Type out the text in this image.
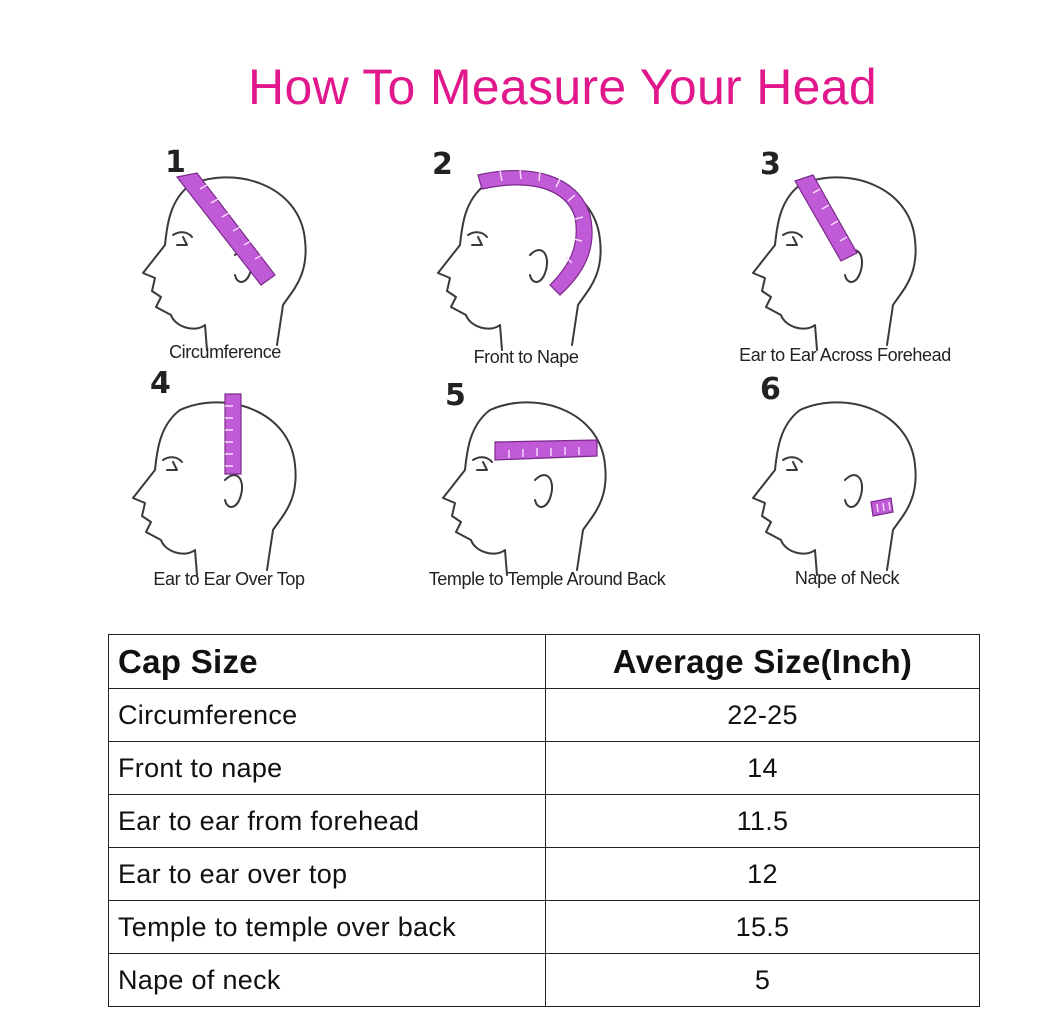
How To Measure Your Head
1
Circumference
2
Front to Nape
3
Ear to Ear Across Forehead
4
Ear to Ear Over Top
5
Temple to Temple Around Back
6
Nape of Neck
Cap Size	Average Size(Inch)
Circumference	22-25
Front to nape	14
Ear to ear from forehead	11.5
Ear to ear over top	12
Temple to temple over back	15.5
Nape of neck	5
